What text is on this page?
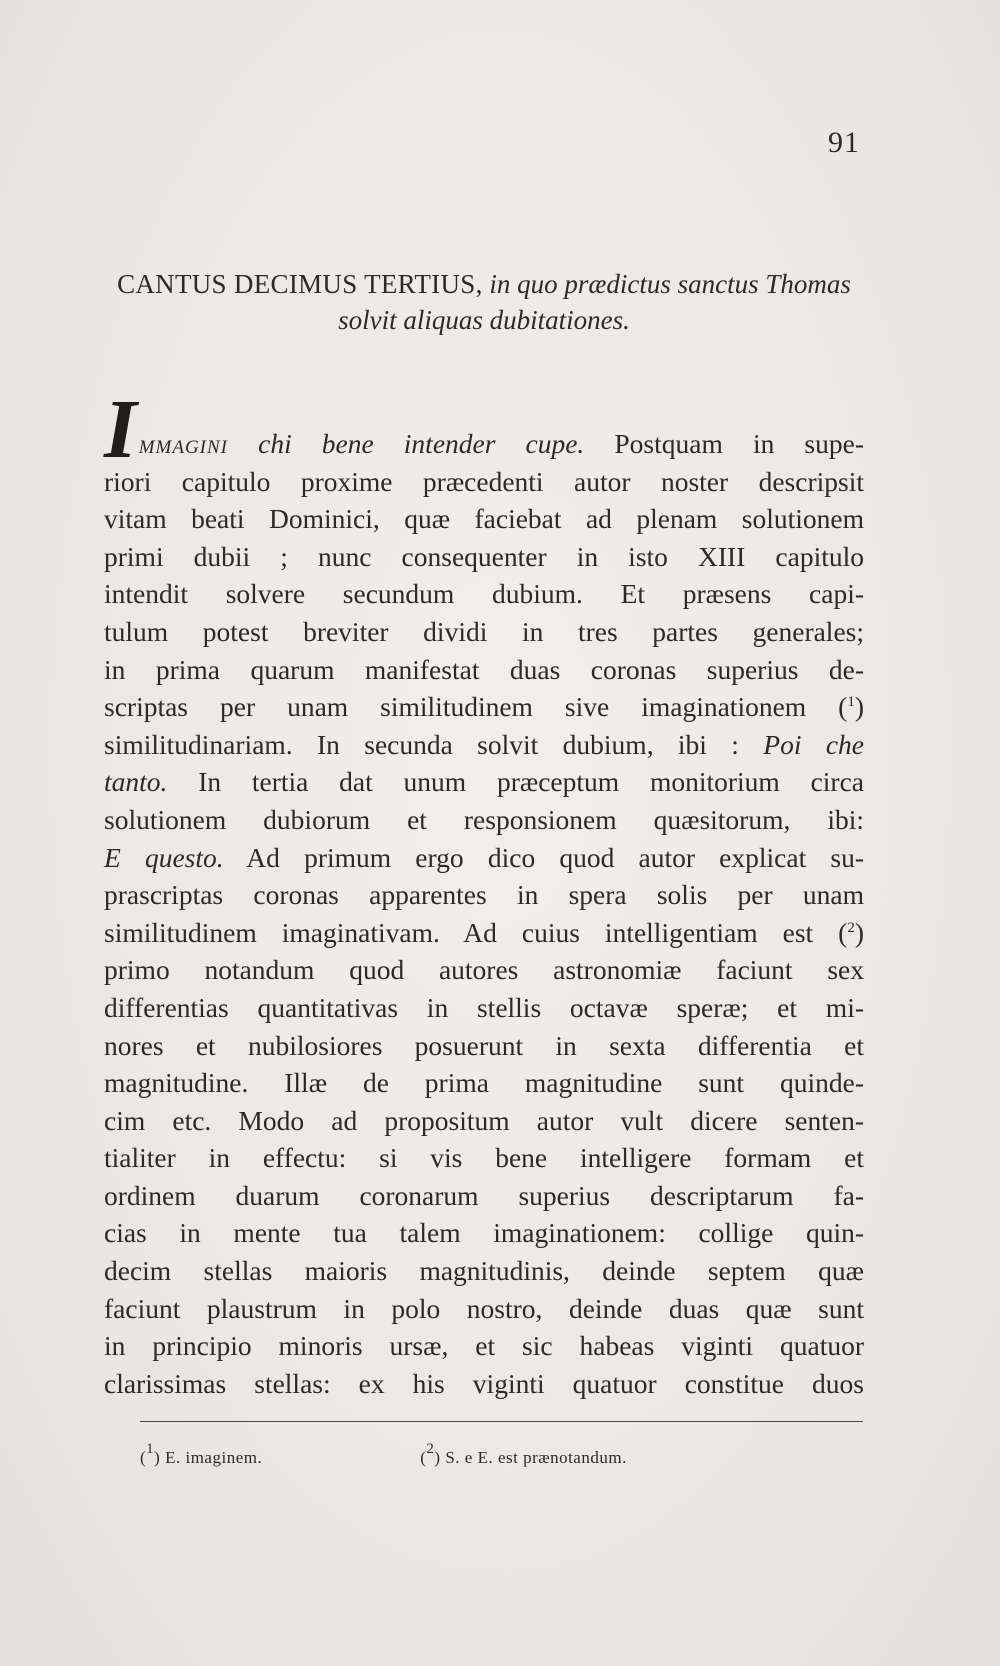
91
CANTUS DECIMUS TERTIUS, in quo prædictus sanctus Thomas
solvit aliquas dubitationes.
Immagini chi bene intender cupe. Postquam in supe-
riori capitulo proxime præcedenti autor noster descripsit
vitam beati Dominici, quæ faciebat ad plenam solutionem
primi dubii ; nunc consequenter in isto XIII capitulo
intendit solvere secundum dubium. Et præsens capi-
tulum potest breviter dividi in tres partes generales;
in prima quarum manifestat duas coronas superius de-
scriptas per unam similitudinem sive imaginationem ($^1$)
similitudinariam. In secunda solvit dubium, ibi : Poi che
tanto. In tertia dat unum præceptum monitorium circa
solutionem dubiorum et responsionem quæsitorum, ibi:
E questo. Ad primum ergo dico quod autor explicat su-
prascriptas coronas apparentes in spera solis per unam
similitudinem imaginativam. Ad cuius intelligentiam est ($^2$)
primo notandum quod autores astronomiæ faciunt sex
differentias quantitativas in stellis octavæ speræ; et mi-
nores et nubilosiores posuerunt in sexta differentia et
magnitudine. Illæ de prima magnitudine sunt quinde-
cim etc. Modo ad propositum autor vult dicere senten-
tialiter in effectu: si vis bene intelligere formam et
ordinem duarum coronarum superius descriptarum fa-
cias in mente tua talem imaginationem: collige quin-
decim stellas maioris magnitudinis, deinde septem quæ
faciunt plaustrum in polo nostro, deinde duas quæ sunt
in principio minoris ursæ, et sic habeas viginti quatuor
clarissimas stellas: ex his viginti quatuor constitue duos
($^1$) E. imaginem.	($^2$) S. e E. est prænotandum.
